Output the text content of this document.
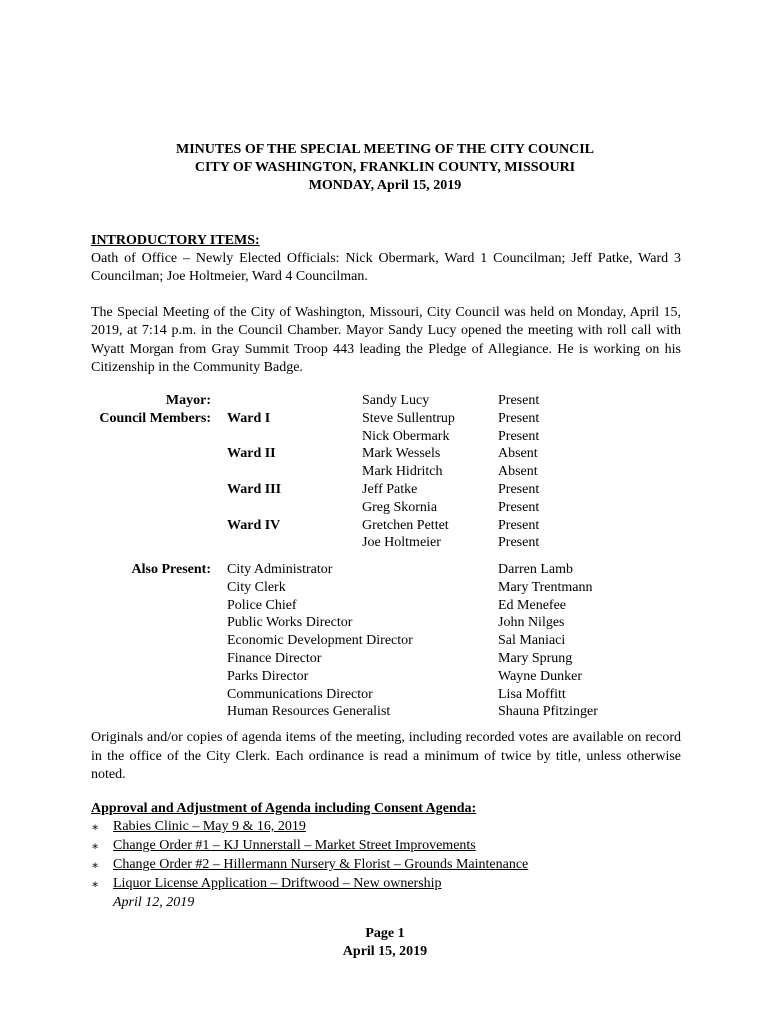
MINUTES OF THE SPECIAL MEETING OF THE CITY COUNCIL
CITY OF WASHINGTON, FRANKLIN COUNTY, MISSOURI
MONDAY, April 15, 2019
INTRODUCTORY ITEMS:
Oath of Office – Newly Elected Officials: Nick Obermark, Ward 1 Councilman; Jeff Patke, Ward 3 Councilman; Joe Holtmeier, Ward 4 Councilman.
The Special Meeting of the City of Washington, Missouri, City Council was held on Monday, April 15, 2019, at 7:14 p.m. in the Council Chamber. Mayor Sandy Lucy opened the meeting with roll call with Wyatt Morgan from Gray Summit Troop 443 leading the Pledge of Allegiance. He is working on his Citizenship in the Community Badge.
Mayor:	Sandy Lucy	Present
Council Members: Ward I	Steve Sullentrup	Present
Nick Obermark	Present
Ward II	Mark Wessels	Absent
Mark Hidritch	Absent
Ward III	Jeff Patke	Present
Greg Skornia	Present
Ward IV	Gretchen Pettet	Present
Joe Holtmeier	Present
Also Present: City Administrator	Darren Lamb
City Clerk	Mary Trentmann
Police Chief	Ed Menefee
Public Works Director	John Nilges
Economic Development Director	Sal Maniaci
Finance Director	Mary Sprung
Parks Director	Wayne Dunker
Communications Director	Lisa Moffitt
Human Resources Generalist	Shauna Pfitzinger
Originals and/or copies of agenda items of the meeting, including recorded votes are available on record in the office of the City Clerk. Each ordinance is read a minimum of twice by title, unless otherwise noted.
Approval and Adjustment of Agenda including Consent Agenda:
∗ Rabies Clinic – May 9 & 16, 2019
∗ Change Order #1 – KJ Unnerstall – Market Street Improvements
∗ Change Order #2 – Hillermann Nursery & Florist – Grounds Maintenance
∗ Liquor License Application – Driftwood – New ownership
April 12, 2019
Page 1
April 15, 2019
